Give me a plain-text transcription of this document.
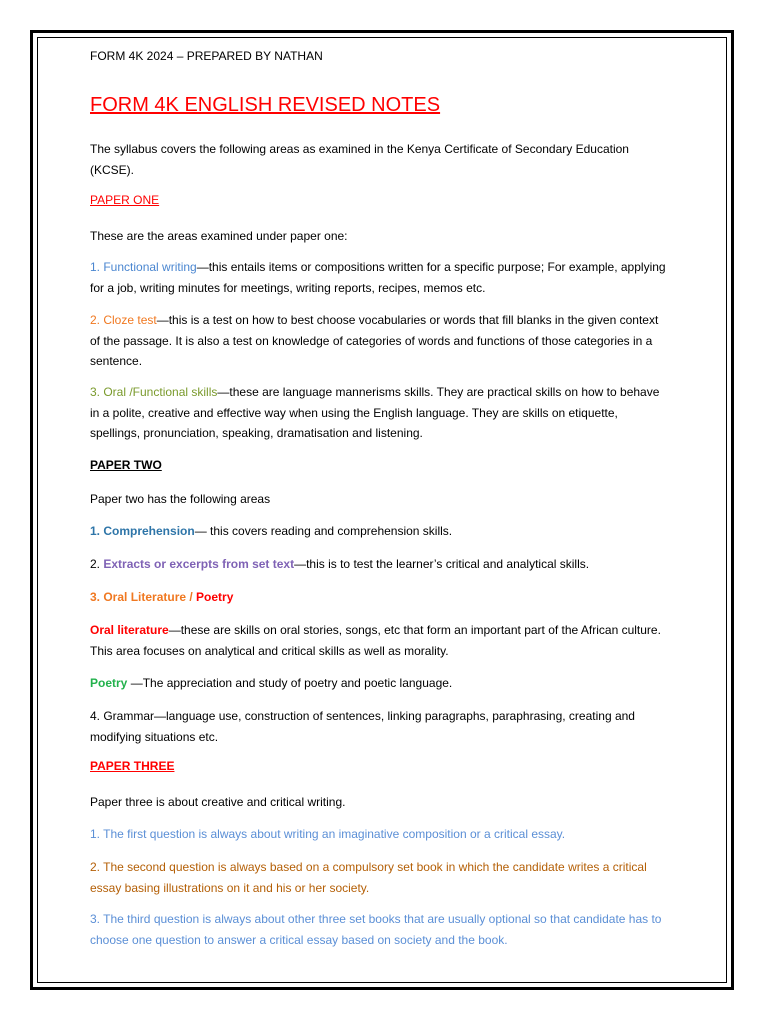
FORM 4K 2024 – PREPARED BY NATHAN
FORM 4K ENGLISH REVISED NOTES
The syllabus covers the following areas as examined in the Kenya Certificate of Secondary Education (KCSE).
PAPER ONE
These are the areas examined under paper one:
1. Functional writing—this entails items or compositions written for a specific purpose; For example, applying for a job, writing minutes for meetings, writing reports, recipes, memos etc.
2. Cloze test—this is a test on how to best choose vocabularies or words that fill blanks in the given context of the passage. It is also a test on knowledge of categories of words and functions of those categories in a sentence.
3. Oral /Functional skills—these are language mannerisms skills. They are practical skills on how to behave in a polite, creative and effective way when using the English language. They are skills on etiquette, spellings, pronunciation, speaking, dramatisation and listening.
PAPER TWO
Paper two has the following areas
1. Comprehension— this covers reading and comprehension skills.
2. Extracts or excerpts from set text—this is to test the learner’s critical and analytical skills.
3. Oral Literature / Poetry
Oral literature—these are skills on oral stories, songs, etc that form an important part of the African culture. This area focuses on analytical and critical skills as well as morality.
Poetry —The appreciation and study of poetry and poetic language.
4. Grammar—language use, construction of sentences, linking paragraphs, paraphrasing, creating and modifying situations etc.
PAPER THREE
Paper three is about creative and critical writing.
1. The first question is always about writing an imaginative composition or a critical essay.
2. The second question is always based on a compulsory set book in which the candidate writes a critical essay basing illustrations on it and his or her society.
3. The third question is always about other three set books that are usually optional so that candidate has to choose one question to answer a critical essay based on society and the book.
